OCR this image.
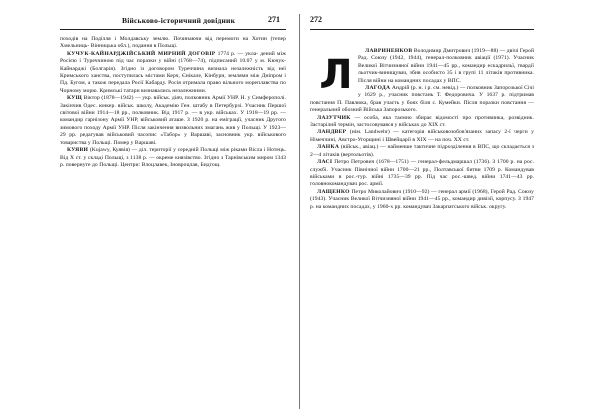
Військово-історичний довідник	271

походів на Поділля і Молдавську землю. Починаючи від перемоги на Хотин (тепер Хмельниць- Вінницька обл.), подання в Польщі.

КУЧУК-КАЙНАРДЖІЙСЬКИЙ МИРНИЙ ДОГОВІР 1774 р. — укла- дений між Росією і Туреччиною під час поразки у війні (1768—74), підписаний 10.07 у м. Кючук-Кайнарджі (Болгарія). Згідно із договором Туреччина визнала незалежність від неї Кримського ханства, поступилась містами Керч, Єнікале, Кінбурн, землями між Дніпром і Пд. Бугом, а також передала Росії Кабарду. Росія отримала право вільного мореплавства по Чорному морю. Кримські татари визнавались незалежними.

КУЩ Віктор (1878—1942) — укр. військ. діяч, полковник Армії УНР. Н. у Симферополі. Закінчив Одес. юнкер. військ. школу, Академію Ген. штабу в Петербурзі. Учасник Першої світової війни 1914—18 рр., полковник. Від 1917 р. — в укр. військах. У 1918—19 рр. — командир гарнізону Армії УНР, військовий аташе. З 1920 р. на еміграції, учасник Другого зимового походу Армії УНР. Після закінчення визвольних змагань жив у Польщі. У 1923—29 рр. редагував військовий часопис «Табор» у Варшаві, засновник укр. військового товариства у Польщі. Помер у Варшаві.

КУЯВИ (Kujawy, Куявія) — діл. території у середній Польщі між ріками Вісла і Нотець. Від X ст. у складі Польщі, з 1138 р. — окреме князівство. Згідно з Тарнівським миром 1343 р. повернуте до Польщі. Центри: Влоцлавек, Іновроцлав, Бидгощ.

272
Л

ЛАВРИНЕНКОВ Володимир Дмитрович (1919—88) — двічі Герой Рад. Союзу (1942, 1944), генерал-полковник авіації (1971). Учасник Великої Вітчизняної війни 1941—45 рр., командир ескадрильї, гвардії льотчик-винищувач, збив особисто 35 і в групі 11 літаків противника. Після війни на командних посадах у ВПС.

ЛАГОДА Андрій (р. н. і р. см. невід.) — полковник Запорозької Січі у 1629 р., учасник повстань Т. Федоровича. У 1637 р. підтримав повстання П. Павлюка, брав участь у боях біля с. Кумейки. Після поразки повстання — генеральний обозний Війська Запорозького.

ЛАЗУТЧИК — особа, яка таємно збирає відомості про противника, розвідник. Застарілий термін, застосовувався у військах до XIX ст.

ЛАНДВЕР (нім. Landwehr) — категорія військовозобов'язаних запасу 2-ї черги у Німеччині, Австро-Угорщині і Швейцарії в XIX — на поч. XX ст.

ЛАНКА (військ., авіац.) — найменше тактичне підрозділення в ВПС, що складається з 2—4 літаків (вертольотів).

ЛАСІ Петро Петрович (1678—1751) — генерал-фельдмаршал (1736). З 1700 р. на рос. службі. Учасник Північної війни 1700—21 рр., Полтавської битви 1709 р. Командував військами в рос.-тур. війні 1735—39 рр. Під час рос.-швед. війни 1741—43 рр. головнокомандувач рос. армії.

ЛАЩЕНКО Петро Миколайович (1910—92) — генерал армії (1968), Герой Рад. Союзу (1943). Учасник Великої Вітчизняної війни 1941—45 рр., командир дивізії, корпусу. З 1947 р. на командних посадах, у 1960-х рр. командувач Закарпатського військ. округу.
